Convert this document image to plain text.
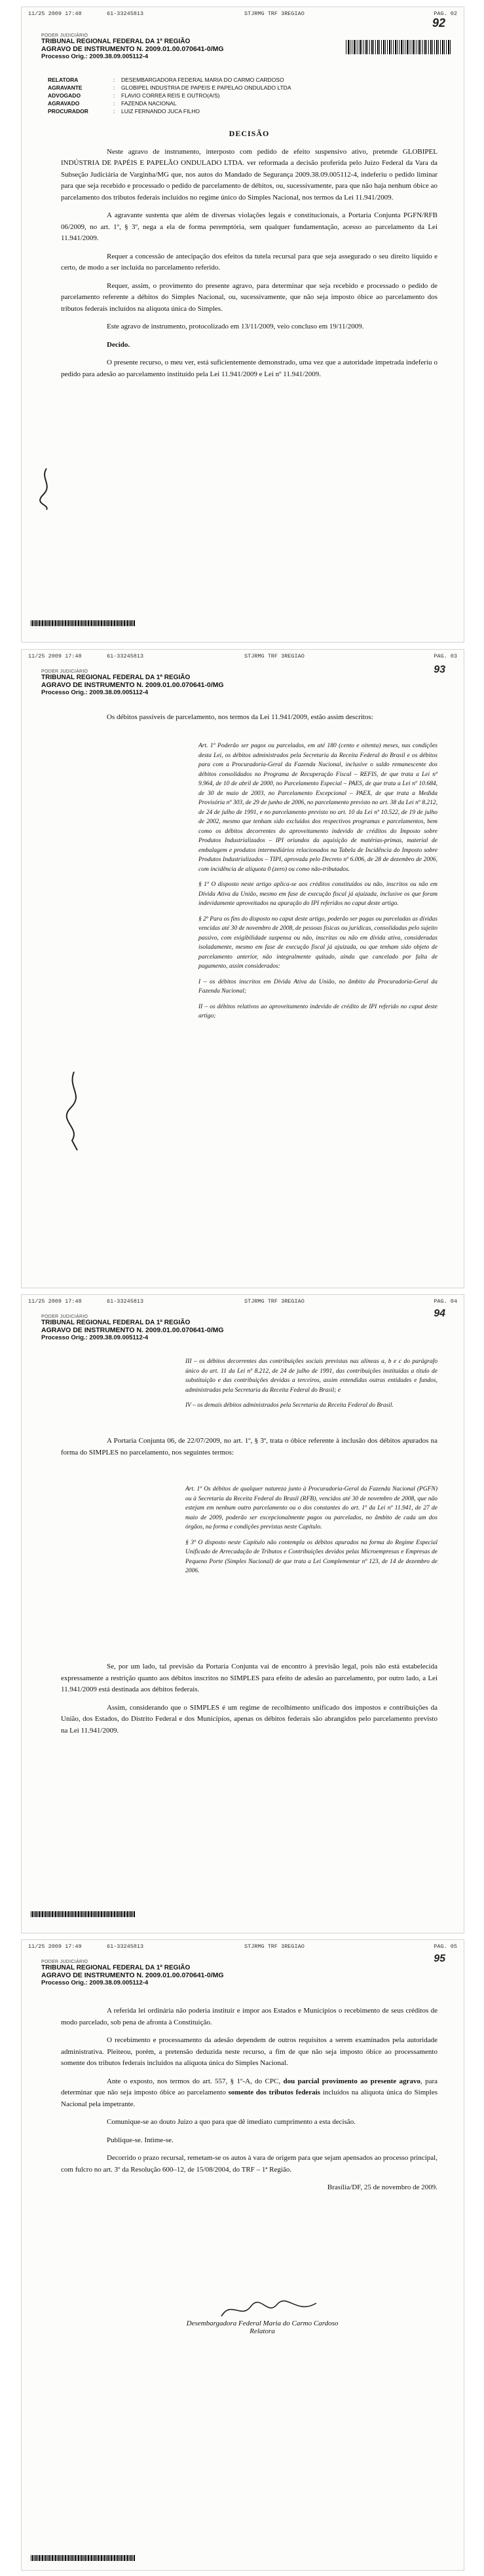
11/25 2009 17:48	61-33245813	STJRMG TRF 3REGIAO	PAG. 02
92
PODER JUDICIÁRIO
TRIBUNAL REGIONAL FEDERAL DA 1ª REGIÃO
AGRAVO DE INSTRUMENTO N. 2009.01.00.070641-0/MG
Processo Orig.: 2009.38.09.005112-4
RELATORA	:	DESEMBARGADORA FEDERAL MARIA DO CARMO CARDOSO
AGRAVANTE	:	GLOBIPEL INDUSTRIA DE PAPEIS E PAPELAO ONDULADO LTDA
ADVOGADO	:	FLAVIO CORREA REIS E OUTRO(A/S)
AGRAVADO	:	FAZENDA NACIONAL
PROCURADOR	:	LUIZ FERNANDO JUCA FILHO

DECISÃO

Neste agravo de instrumento, interposto com pedido de efeito suspensivo ativo, pretende GLOBIPEL INDÚSTRIA DE PAPÉIS E PAPELÃO ONDULADO LTDA. ver reformada a decisão proferida pelo Juízo Federal da Vara da Subseção Judiciária de Varginha/MG que, nos autos do Mandado de Segurança 2009.38.09.005112-4, indeferiu o pedido liminar para que seja recebido e processado o pedido de parcelamento de débitos, ou, sucessivamente, para que não haja nenhum óbice ao parcelamento dos tributos federais incluídos no regime único do Simples Nacional, nos termos da Lei 11.941/2009.

A agravante sustenta que além de diversas violações legais e constitucionais, a Portaria Conjunta PGFN/RFB 06/2009, no art. 1º, § 3º, nega a ela de forma peremptória, sem qualquer fundamentação, acesso ao parcelamento da Lei 11.941/2009.

Requer a concessão de antecipação dos efeitos da tutela recursal para que seja assegurado o seu direito líquido e certo, de modo a ser incluída no parcelamento referido.

Requer, assim, o provimento do presente agravo, para determinar que seja recebido e processado o pedido de parcelamento referente a débitos do Simples Nacional, ou, sucessivamente, que não seja imposto óbice ao parcelamento dos tributos federais incluídos na alíquota única do Simples.

Este agravo de instrumento, protocolizado em 13/11/2009, veio concluso em 19/11/2009.

Decido.

O presente recurso, o meu ver, está suficientemente demonstrado, uma vez que a autoridade impetrada indeferiu o pedido para adesão ao parcelamento instituído pela Lei 11.941/2009 e Lei nº 11.941/2009.

11/25 2009 17:48	61-33245813	STJRMG TRF 3REGIAO	PAG. 03
93
PODER JUDICIÁRIO
TRIBUNAL REGIONAL FEDERAL DA 1ª REGIÃO
AGRAVO DE INSTRUMENTO N. 2009.01.00.070641-0/MG
Processo Orig.: 2009.38.09.005112-4

Os débitos passíveis de parcelamento, nos termos da Lei 11.941/2009, estão assim descritos:

Art. 1º Poderão ser pagos ou parcelados, em até 180 (cento e oitenta) meses, nas condições desta Lei, os débitos administrados pela Secretaria da Receita Federal do Brasil e os débitos para com a Procuradoria-Geral da Fazenda Nacional, inclusive o saldo remanescente dos débitos consolidados no Programa de Recuperação Fiscal – REFIS, de que trata a Lei nº 9.964, de 10 de abril de 2000, no Parcelamento Especial – PAES, de que trata a Lei nº 10.684, de 30 de maio de 2003, no Parcelamento Excepcional – PAEX, de que trata a Medida Provisória nº 303, de 29 de junho de 2006, no parcelamento previsto no art. 38 da Lei nº 8.212, de 24 de julho de 1991, e no parcelamento previsto no art. 10 da Lei nº 10.522, de 19 de julho de 2002, mesmo que tenham sido excluídos dos respectivos programas e parcelamentos, bem como os débitos decorrentes do aproveitamento indevido de créditos do Imposto sobre Produtos Industrializados – IPI oriundos da aquisição de matérias-primas, material de embalagem e produtos intermediários relacionados na Tabela de Incidência do Imposto sobre Produtos Industrializados – TIPI, aprovada pelo Decreto nº 6.006, de 28 de dezembro de 2006, com incidência de alíquota 0 (zero) ou como não-tributados.

§ 1º O disposto neste artigo aplica-se aos créditos constituídos ou não, inscritos ou não em Dívida Ativa da União, mesmo em fase de execução fiscal já ajuizada, inclusive os que foram indevidamente aproveitados na apuração do IPI referidos no caput deste artigo.

§ 2º Para os fins do disposto no caput deste artigo, poderão ser pagas ou parceladas as dívidas vencidas até 30 de novembro de 2008, de pessoas físicas ou jurídicas, consolidadas pelo sujeito passivo, com exigibilidade suspensa ou não, inscritas ou não em dívida ativa, consideradas isoladamente, mesmo em fase de execução fiscal já ajuizada, ou que tenham sido objeto de parcelamento anterior, não integralmente quitado, ainda que cancelado por falta de pagamento, assim considerados:

I – os débitos inscritos em Dívida Ativa da União, no âmbito da Procuradoria-Geral da Fazenda Nacional;

II – os débitos relativos ao aproveitamento indevido de crédito de IPI referido no caput deste artigo;

11/25 2009 17:48	61-33245813	STJRMG TRF 3REGIAO	PAG. 04
94
PODER JUDICIÁRIO
TRIBUNAL REGIONAL FEDERAL DA 1ª REGIÃO
AGRAVO DE INSTRUMENTO N. 2009.01.00.070641-0/MG
Processo Orig.: 2009.38.09.005112-4

III – os débitos decorrentes das contribuições sociais previstas nas alíneas a, b e c do parágrafo único do art. 11 da Lei nº 8.212, de 24 de julho de 1991, das contribuições instituídas a título de substituição e das contribuições devidas a terceiros, assim entendidas outras entidades e fundos, administradas pela Secretaria da Receita Federal do Brasil; e

IV – os demais débitos administrados pela Secretaria da Receita Federal do Brasil.

A Portaria Conjunta 06, de 22/07/2009, no art. 1º, § 3º, trata o óbice referente à inclusão dos débitos apurados na forma do SIMPLES no parcelamento, nos seguintes termos:

Art. 1º Os débitos de qualquer natureza junto à Procuradoria-Geral da Fazenda Nacional (PGFN) ou à Secretaria da Receita Federal do Brasil (RFB), vencidos até 30 de novembro de 2008, que não estejam em nenhum outro parcelamento ou o dos constantes do art. 1º da Lei nº 11.941, de 27 de maio de 2009, poderão ser excepcionalmente pagos ou parcelados, no âmbito de cada um dos órgãos, na forma e condições previstas neste Capítulo.

§ 3º O disposto neste Capítulo não contempla os débitos apurados na forma do Regime Especial Unificado de Arrecadação de Tributos e Contribuições devidos pelas Microempresas e Empresas de Pequeno Porte (Simples Nacional) de que trata a Lei Complementar nº 123, de 14 de dezembro de 2006.

Se, por um lado, tal previsão da Portaria Conjunta vai de encontro à previsão legal, pois não está estabelecida expressamente a restrição quanto aos débitos inscritos no SIMPLES para efeito de adesão ao parcelamento, por outro lado, a Lei 11.941/2009 está destinada aos débitos federais.

Assim, considerando que o SIMPLES é um regime de recolhimento unificado dos impostos e contribuições da União, dos Estados, do Distrito Federal e dos Municípios, apenas os débitos federais são abrangidos pelo parcelamento previsto na Lei 11.941/2009.

11/25 2009 17:49	61-33245813	STJRMG TRF 3REGIAO	PAG. 05
95
PODER JUDICIÁRIO
TRIBUNAL REGIONAL FEDERAL DA 1ª REGIÃO
AGRAVO DE INSTRUMENTO N. 2009.01.00.070641-0/MG
Processo Orig.: 2009.38.09.005112-4

A referida lei ordinária não poderia instituir e impor aos Estados e Municípios o recebimento de seus créditos de modo parcelado, sob pena de afronta à Constituição.

O recebimento e processamento da adesão dependem de outros requisitos a serem examinados pela autoridade administrativa. Pleiteou, porém, a pretensão deduzida neste recurso, a fim de que não seja imposto óbice ao processamento somente dos tributos federais incluídos na alíquota única do Simples Nacional.

Ante o exposto, nos termos do art. 557, § 1º-A, do CPC, dou parcial provimento ao presente agravo, para determinar que não seja imposto óbice ao parcelamento somente dos tributos federais incluídos na alíquota única do Simples Nacional pela impetrante.

Comunique-se ao douto Juízo a quo para que dê imediato cumprimento a esta decisão.

Publique-se. Intime-se.

Decorrido o prazo recursal, remetam-se os autos à vara de origem para que sejam apensados ao processo principal, com fulcro no art. 3º da Resolução 600–12, de 15/08/2004, do TRF – 1ª Região.

Brasília/DF, 25 de novembro de 2009.

Desembargadora Federal Maria do Carmo Cardoso
Relatora
